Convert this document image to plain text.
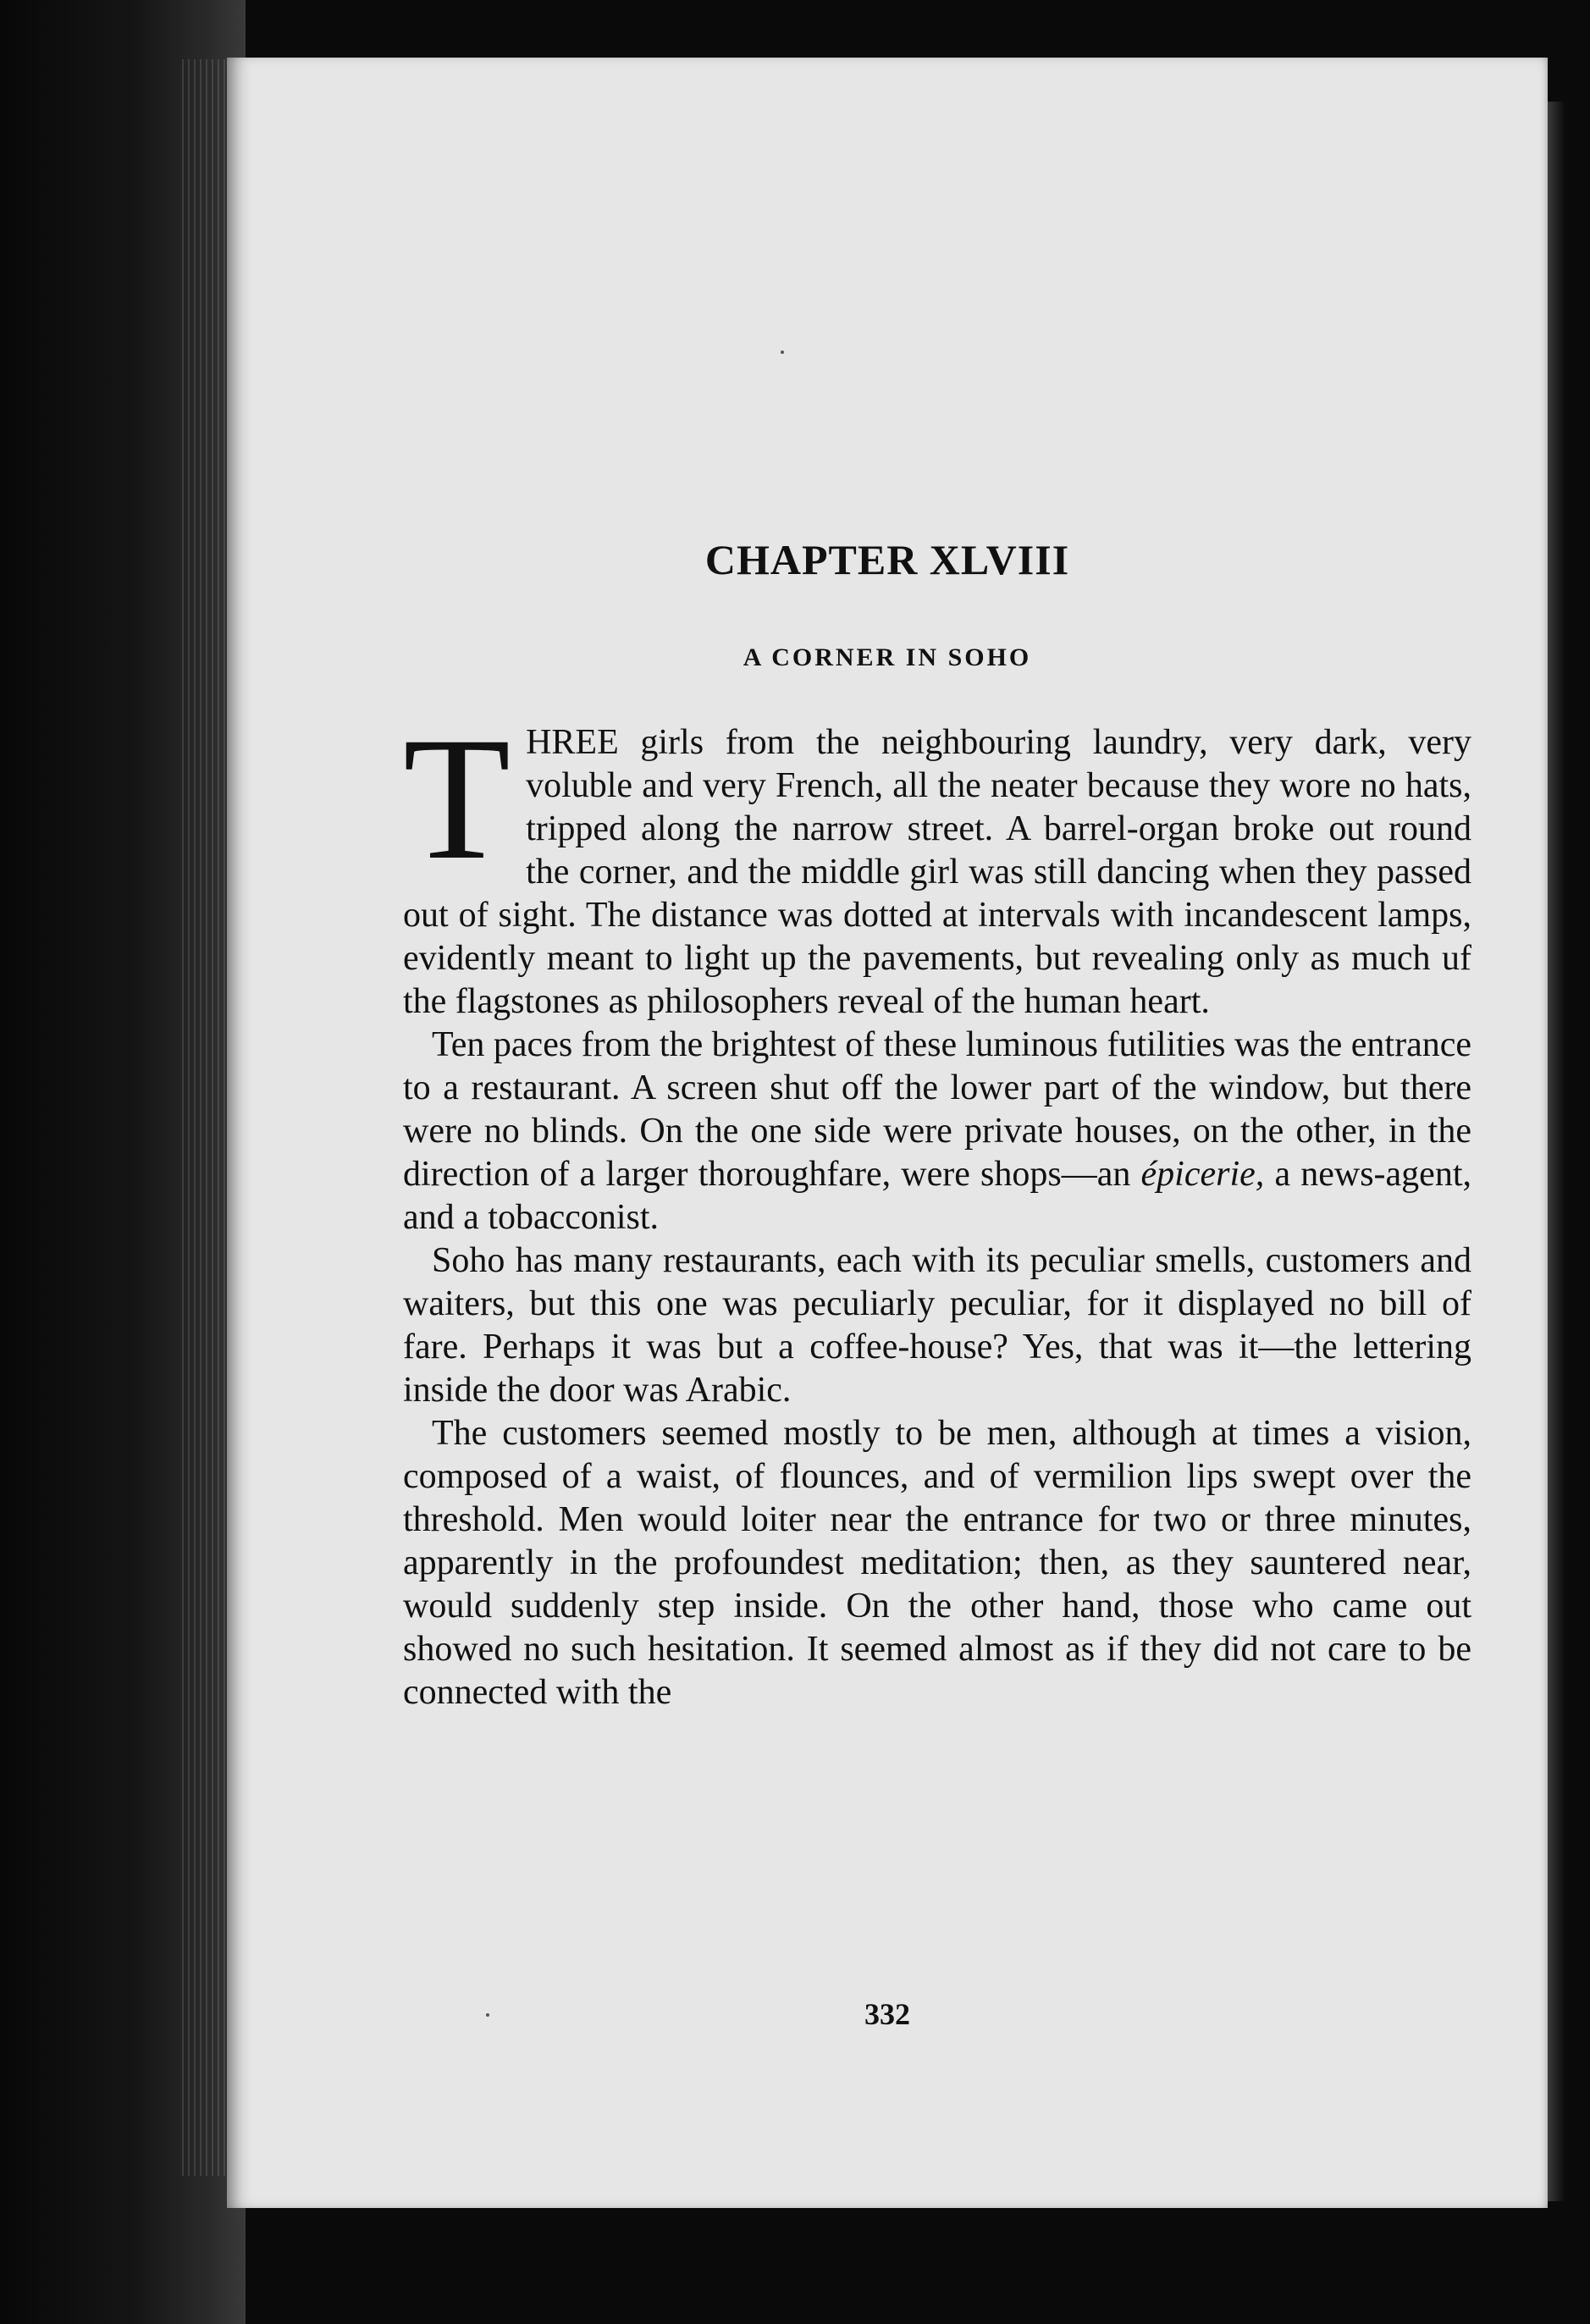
CHAPTER XLVIII
A CORNER IN SOHO

THREE girls from the neighbouring laundry, very dark, very voluble and very French, all the neater because they wore no hats, tripped along the narrow street. A barrel-organ broke out round the corner, and the middle girl was still dancing when they passed out of sight. The distance was dotted at intervals with incandescent lamps, evidently meant to light up the pavements, but revealing only as much uf the flagstones as philosophers reveal of the human heart.

Ten paces from the brightest of these luminous futilities was the entrance to a restaurant. A screen shut off the lower part of the window, but there were no blinds. On the one side were private houses, on the other, in the direction of a larger thoroughfare, were shops—an épicerie, a news-agent, and a tobacconist.

Soho has many restaurants, each with its peculiar smells, customers and waiters, but this one was peculiarly peculiar, for it displayed no bill of fare. Perhaps it was but a coffee-house? Yes, that was it—the lettering inside the door was Arabic.

The customers seemed mostly to be men, although at times a vision, composed of a waist, of flounces, and of vermilion lips swept over the threshold. Men would loiter near the entrance for two or three minutes, apparently in the profoundest meditation; then, as they sauntered near, would suddenly step inside. On the other hand, those who came out showed no such hesitation. It seemed almost as if they did not care to be connected with the

332
